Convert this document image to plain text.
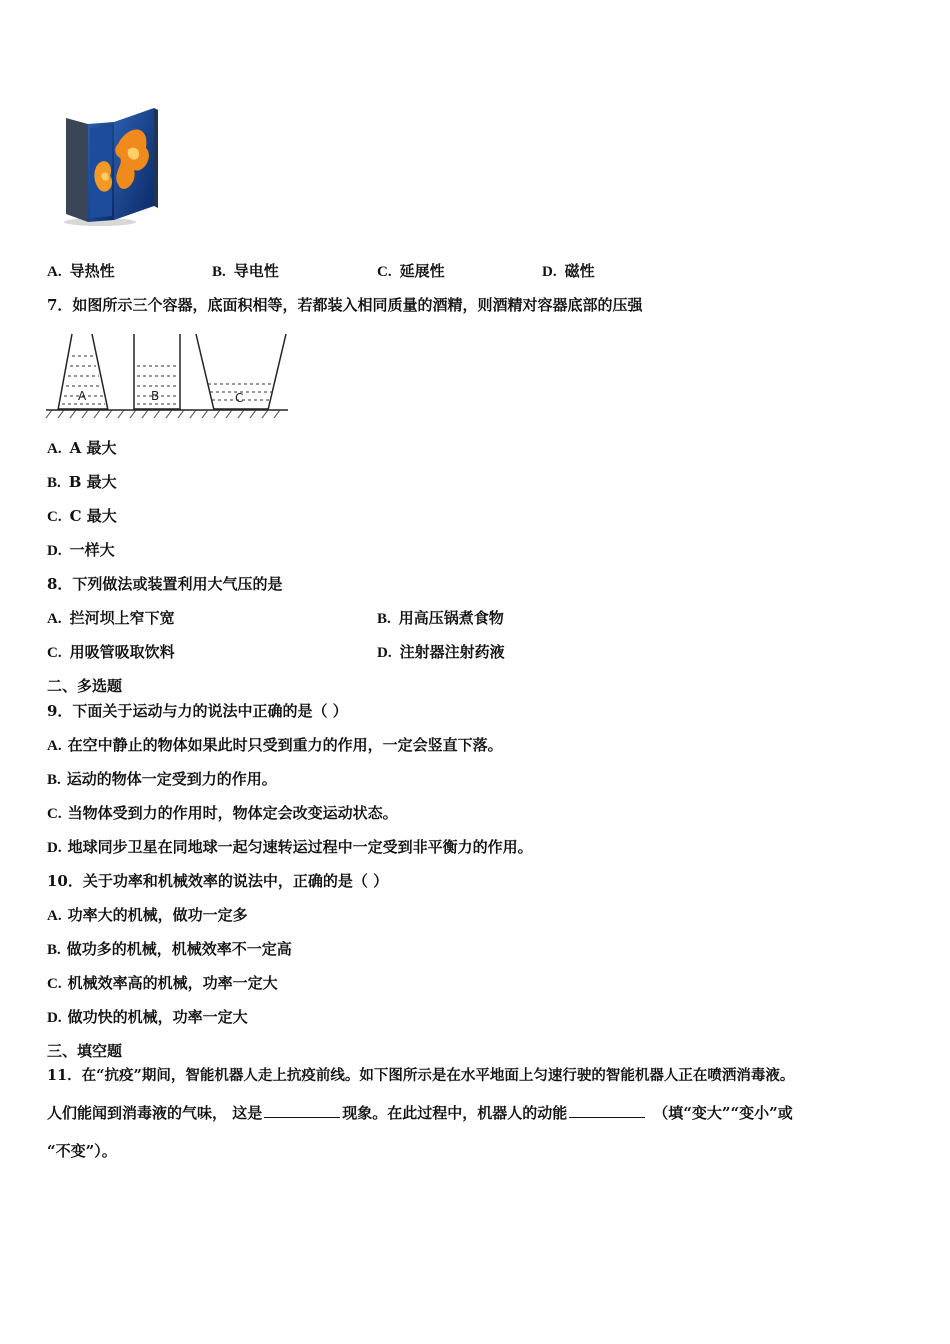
A. 导热性	B. 导电性	C. 延展性	D. 磁性
7．如图所示三个容器，底面积相等，若都装入相同质量的酒精，则酒精对容器底部的压强
A	B	C
A. A 最大
B. B 最大
C. C 最大
D. 一样大
8．下列做法或装置利用大气压的是
A. 拦河坝上窄下宽	B. 用高压锅煮食物
C. 用吸管吸取饮料	D. 注射器注射药液
二、多选题
9．下面关于运动与力的说法中正确的是（ ）
A. 在空中静止的物体如果此时只受到重力的作用，一定会竖直下落。
B. 运动的物体一定受到力的作用。
C. 当物体受到力的作用时，物体定会改变运动状态。
D. 地球同步卫星在同地球一起匀速转运过程中一定受到非平衡力的作用。
10．关于功率和机械效率的说法中，正确的是（ ）
A. 功率大的机械，做功一定多
B. 做功多的机械，机械效率不一定高
C. 机械效率高的机械，功率一定大
D. 做功快的机械，功率一定大
三、填空题
11．在“抗疫”期间，智能机器人走上抗疫前线。如下图所示是在水平地面上匀速行驶的智能机器人正在喷洒消毒液。
人们能闻到消毒液的气味， 这是	现象。在此过程中，机器人的动能	（填“变大”“变小”或
“不变”）。
